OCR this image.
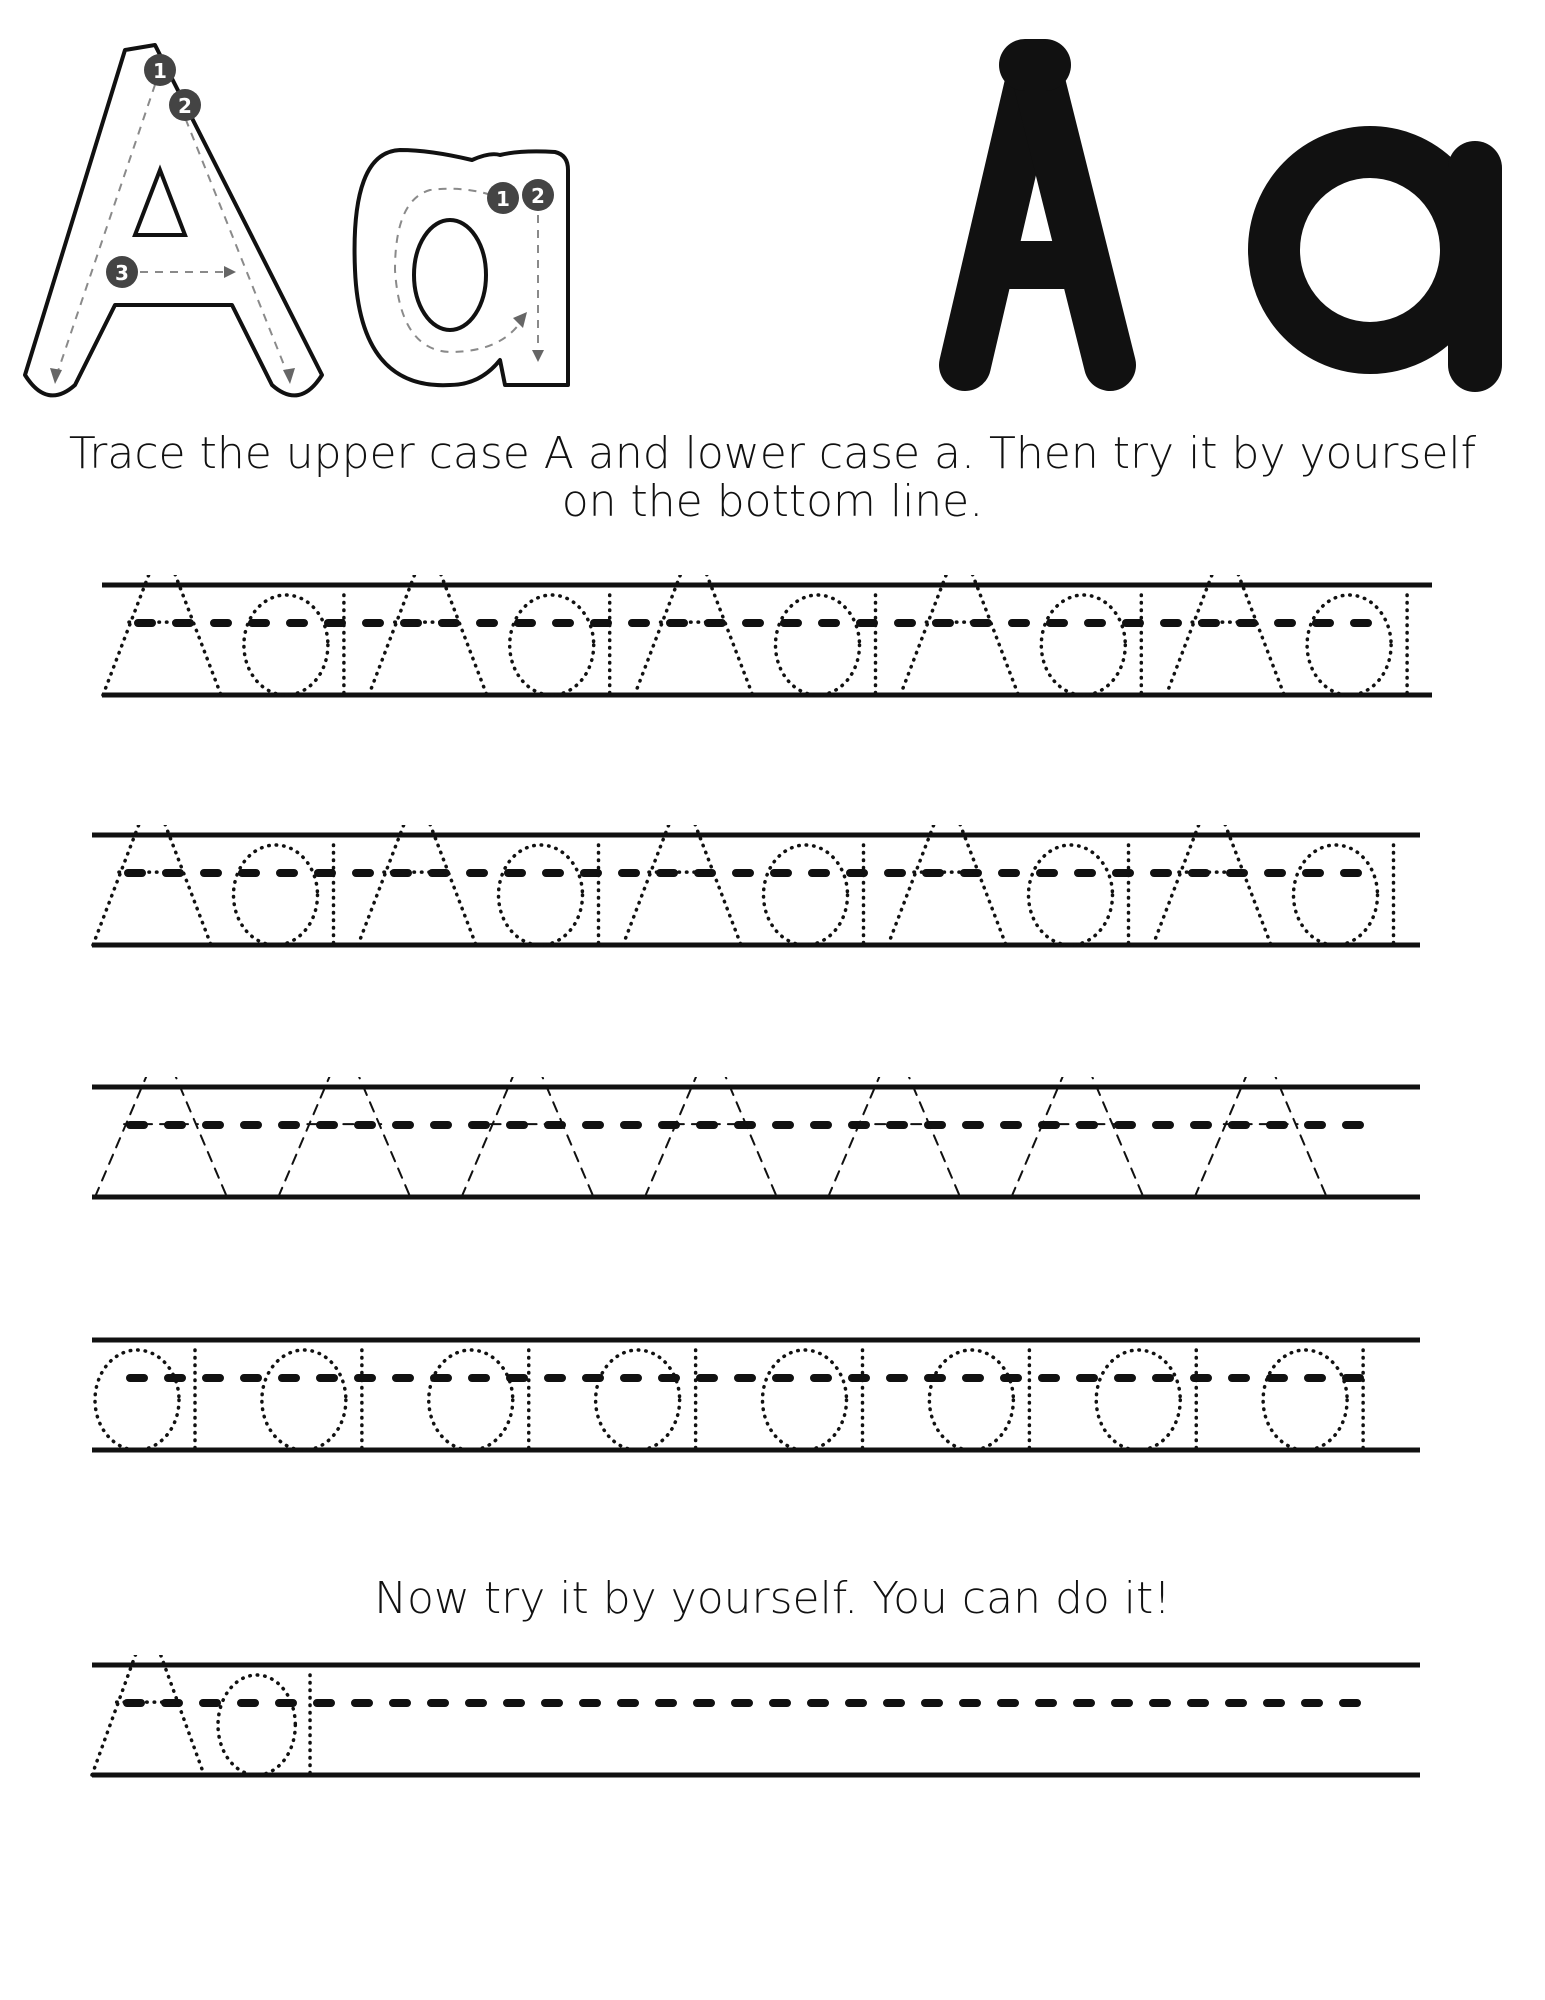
1
2
3
1 2

Trace the upper case A and lower case a. Then try it by yourself
on the bottom line.

Now try it by yourself. You can do it!
